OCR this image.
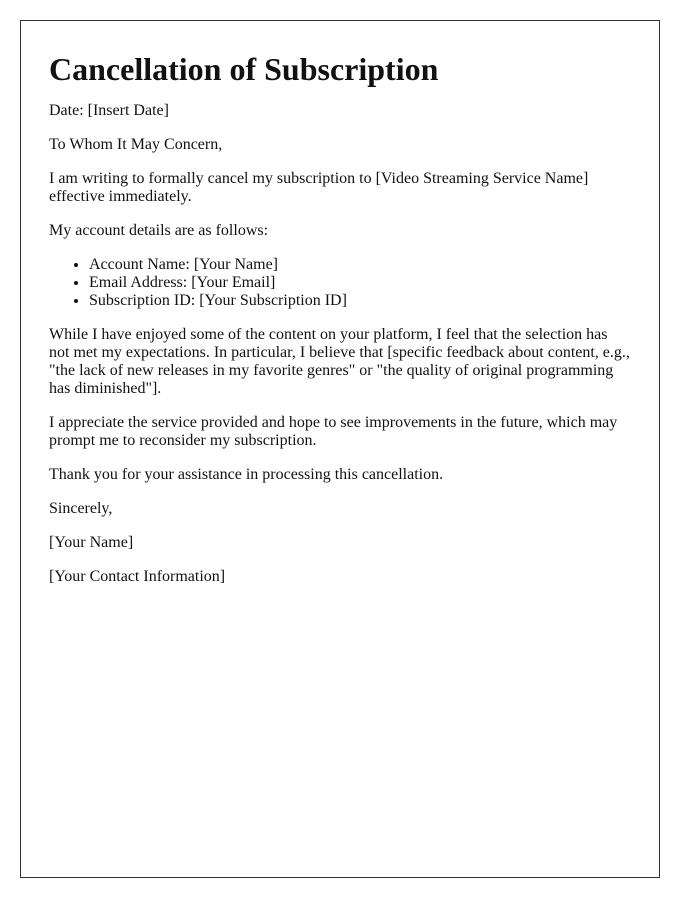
Cancellation of Subscription

Date: [Insert Date]

To Whom It May Concern,

I am writing to formally cancel my subscription to [Video Streaming Service Name] effective immediately.

My account details are as follows:

• Account Name: [Your Name]
• Email Address: [Your Email]
• Subscription ID: [Your Subscription ID]

While I have enjoyed some of the content on your platform, I feel that the selection has not met my expectations. In particular, I believe that [specific feedback about content, e.g., "the lack of new releases in my favorite genres" or "the quality of original programming has diminished"].

I appreciate the service provided and hope to see improvements in the future, which may prompt me to reconsider my subscription.

Thank you for your assistance in processing this cancellation.

Sincerely,

[Your Name]

[Your Contact Information]
